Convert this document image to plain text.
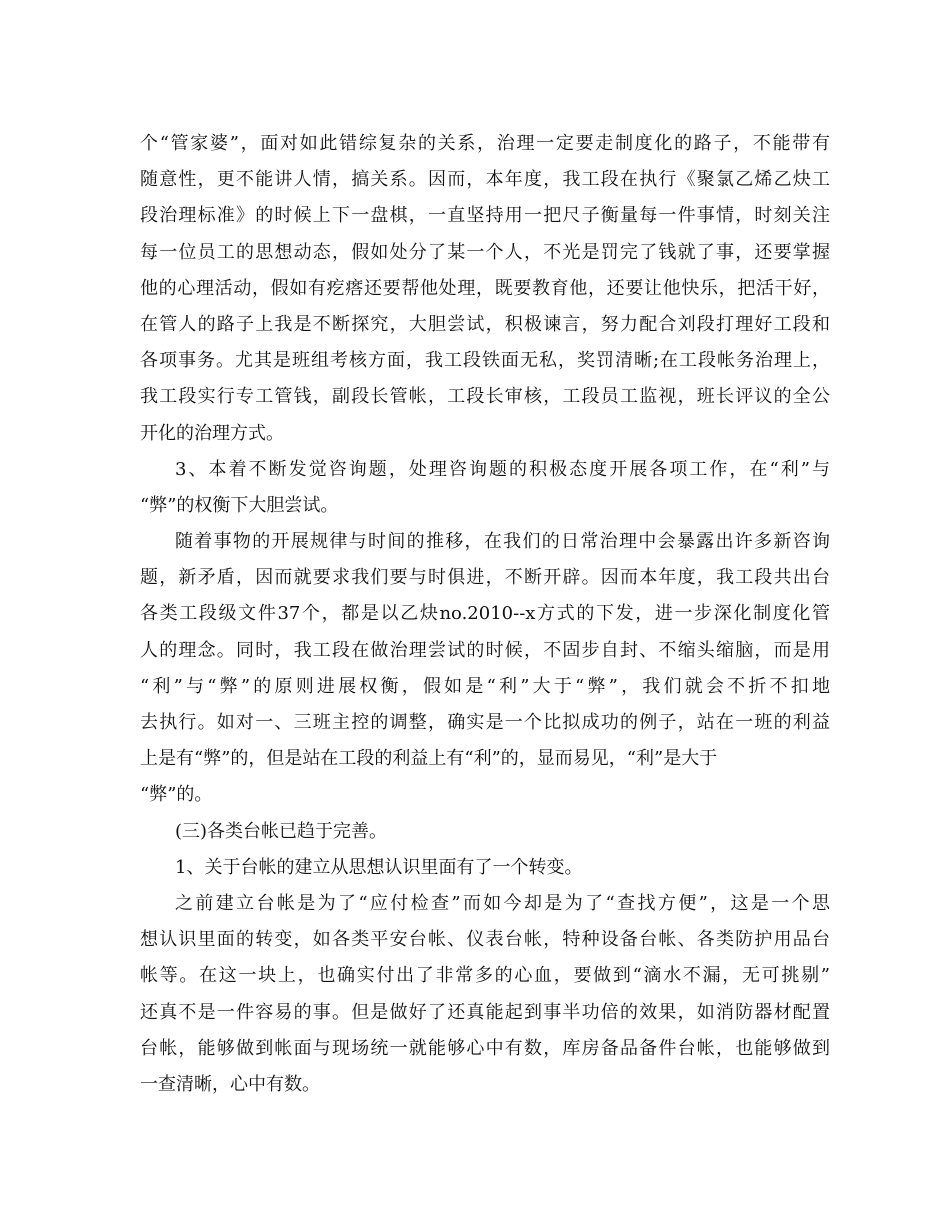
个“管家婆”，面对如此错综复杂的关系，治理一定要走制度化的路子，不能带有
随意性，更不能讲人情，搞关系。因而，本年度，我工段在执行《聚氯乙烯乙炔工
段治理标准》的时候上下一盘棋，一直坚持用一把尺子衡量每一件事情，时刻关注
每一位员工的思想动态，假如处分了某一个人，不光是罚完了钱就了事，还要掌握
他的心理活动，假如有疙瘩还要帮他处理，既要教育他，还要让他快乐，把活干好，
在管人的路子上我是不断探究，大胆尝试，积极谏言，努力配合刘段打理好工段和
各项事务。尤其是班组考核方面，我工段铁面无私，奖罚清晰;在工段帐务治理上，
我工段实行专工管钱，副段长管帐，工段长审核，工段员工监视，班长评议的全公
开化的治理方式。
3、本着不断发觉咨询题，处理咨询题的积极态度开展各项工作，在“利”与
“弊”的权衡下大胆尝试。
随着事物的开展规律与时间的推移，在我们的日常治理中会暴露出许多新咨询
题，新矛盾，因而就要求我们要与时俱进，不断开辟。因而本年度，我工段共出台
各类工段级文件37个，都是以乙炔no.2010--x方式的下发，进一步深化制度化管
人的理念。同时，我工段在做治理尝试的时候，不固步自封、不缩头缩脑，而是用
“利”与“弊”的原则进展权衡，假如是“利”大于“弊”，我们就会不折不扣地
去执行。如对一、三班主控的调整，确实是一个比拟成功的例子，站在一班的利益
上是有“弊”的，但是站在工段的利益上有“利”的，显而易见，“利”是大于
“弊”的。
(三)各类台帐已趋于完善。
1、关于台帐的建立从思想认识里面有了一个转变。
之前建立台帐是为了“应付检查”而如今却是为了“查找方便”，这是一个思
想认识里面的转变，如各类平安台帐、仪表台帐，特种设备台帐、各类防护用品台
帐等。在这一块上，也确实付出了非常多的心血，要做到“滴水不漏，无可挑剔”
还真不是一件容易的事。但是做好了还真能起到事半功倍的效果，如消防器材配置
台帐，能够做到帐面与现场统一就能够心中有数，库房备品备件台帐，也能够做到
一查清晰，心中有数。
